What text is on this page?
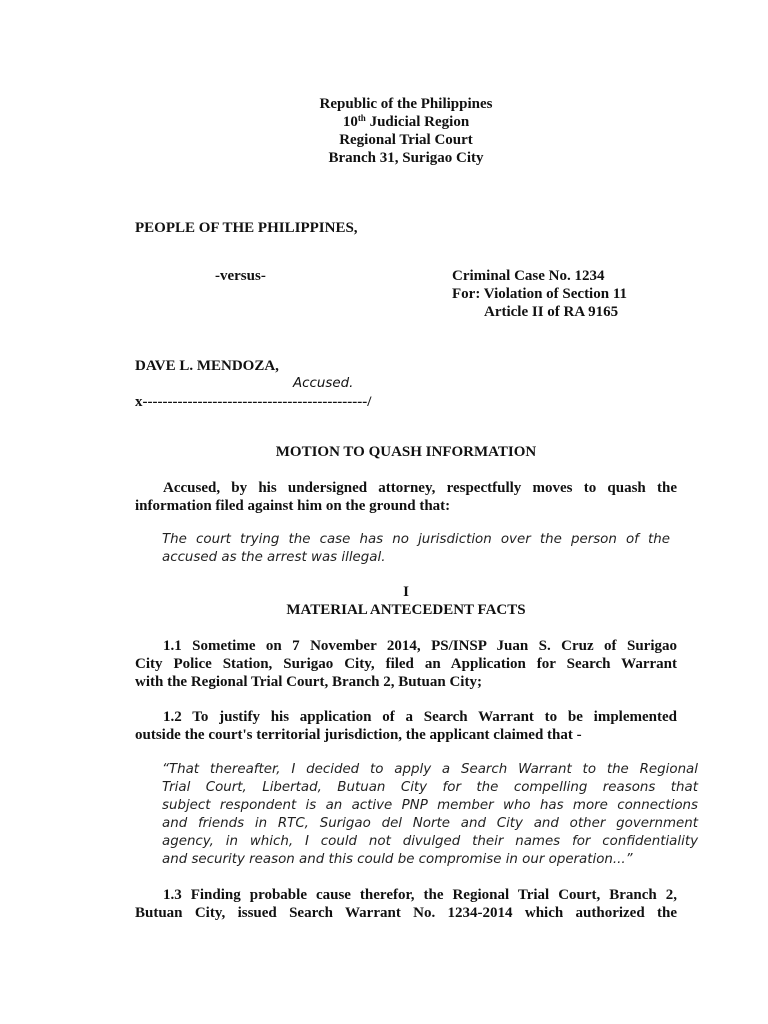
Republic of the Philippines
10th Judicial Region
Regional Trial Court
Branch 31, Surigao City
PEOPLE OF THE PHILIPPINES,
-versus-	Criminal Case No. 1234
For: Violation of Section 11
Article II of RA 9165
DAVE L. MENDOZA,
Accused.
x---------------------------------------------/
MOTION TO QUASH INFORMATION
Accused, by his undersigned attorney, respectfully moves to quash the
information filed against him on the ground that:
The court trying the case has no jurisdiction over the person of the
accused as the arrest was illegal.
I
MATERIAL ANTECEDENT FACTS
1.1 Sometime on 7 November 2014, PS/INSP Juan S. Cruz of Surigao
City Police Station, Surigao City, filed an Application for Search Warrant
with the Regional Trial Court, Branch 2, Butuan City;
1.2 To justify his application of a Search Warrant to be implemented
outside the court's territorial jurisdiction, the applicant claimed that -
“That thereafter, I decided to apply a Search Warrant to the Regional
Trial Court, Libertad, Butuan City for the compelling reasons that
subject respondent is an active PNP member who has more connections
and friends in RTC, Surigao del Norte and City and other government
agency, in which, I could not divulged their names for confidentiality
and security reason and this could be compromise in our operation...”
1.3 Finding probable cause therefor, the Regional Trial Court, Branch 2,
Butuan City, issued Search Warrant No. 1234-2014 which authorized the
